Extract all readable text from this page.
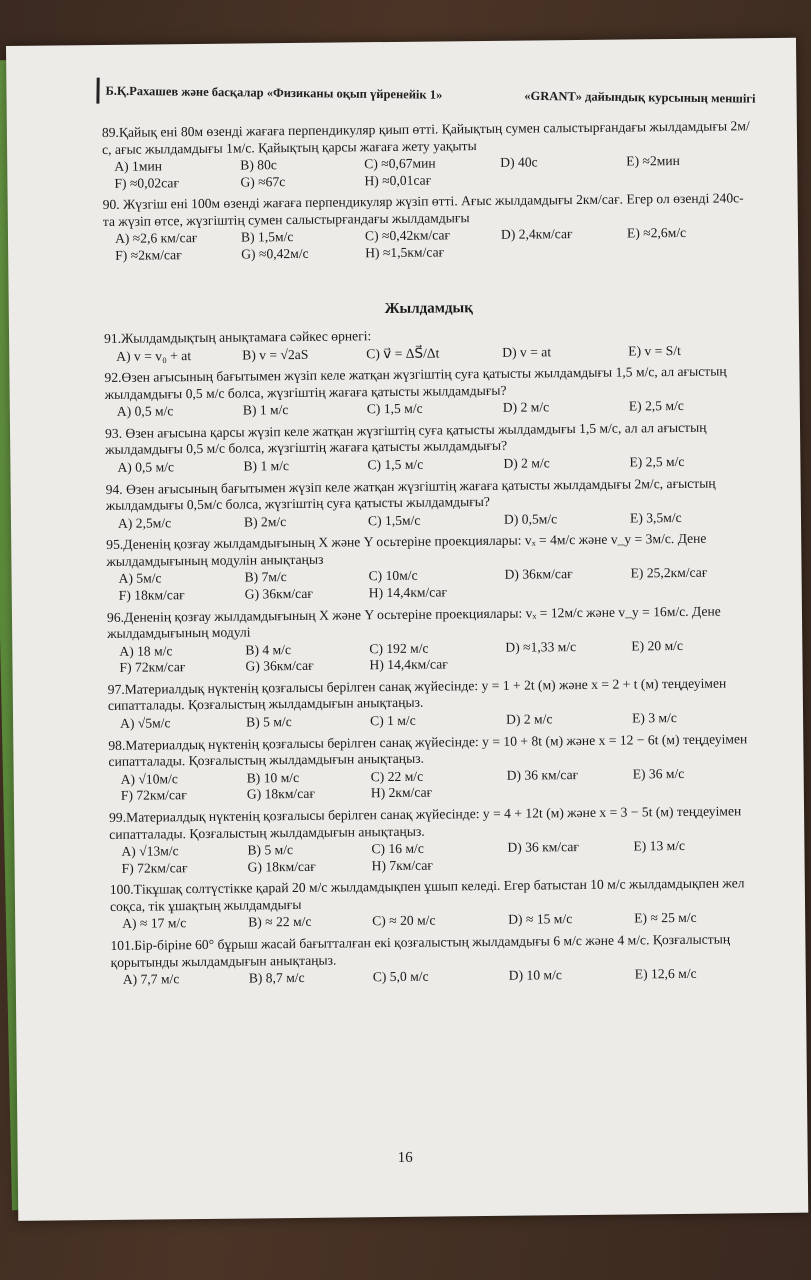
Б.Қ.Рахашев және басқалар «Физиканы оқып үйренейік 1»	«GRANT» дайындық курсының меншігі

89.Қайық ені 80м өзенді жағаға перпендикуляр қиып өтті. Қайықтың сумен салыстырғандағы жылдамдығы 2м/с, ағыс жылдамдығы 1м/с. Қайықтың қарсы жағаға жету уақыты

A) 1мин	B) 80с	C) ≈0,67мин	D) 40с	E) ≈2мин
F) ≈0,02сағ	G) ≈67с	H) ≈0,01сағ

90. Жүзгіш ені 100м өзенді жағаға перпендикуляр жүзіп өтті. Ағыс жылдамдығы 2км/сағ. Егер ол өзенді 240с-та жүзіп өтсе, жүзгіштің сумен салыстырғандағы жылдамдығы

A) ≈2,6 км/сағ	B) 1,5м/с	C) ≈0,42км/сағ	D) 2,4км/сағ	E) ≈2,6м/с
F) ≈2км/сағ	G) ≈0,42м/с	H) ≈1,5км/сағ
Жылдамдық

91.Жылдамдықтың анықтамаға сәйкес өрнегі:

A) v = v₀ + at	B) v = √2aS	C) v⃗ = ΔS⃗/Δt	D) v = at	E) v = S/t

92.Өзен ағысының бағытымен жүзіп келе жатқан жүзгіштің суға қатысты жылдамдығы 1,5 м/с, ал ағыстың жылдамдығы 0,5 м/с болса, жүзгіштің жағаға қатысты жылдамдығы?

A) 0,5 м/с	B) 1 м/с	C) 1,5 м/с	D) 2 м/с	E) 2,5 м/с

93. Өзен ағысына қарсы жүзіп келе жатқан жүзгіштің суға қатысты жылдамдығы 1,5 м/с, ал ал ағыстың жылдамдығы 0,5 м/с болса, жүзгіштің жағаға қатысты жылдамдығы?

A) 0,5 м/с	B) 1 м/с	C) 1,5 м/с	D) 2 м/с	E) 2,5 м/с

94. Өзен ағысының бағытымен жүзіп келе жатқан жүзгіштің жағаға қатысты жылдамдығы 2м/с, ағыстың жылдамдығы 0,5м/с болса, жүзгіштің суға қатысты жылдамдығы?

A) 2,5м/с	B) 2м/с	C) 1,5м/с	D) 0,5м/с	E) 3,5м/с

95.Дененің қозғау жылдамдығының X және Y осьтеріне проекциялары: vₓ = 4м/с және v_y = 3м/с. Дене жылдамдығының модулін анықтаңыз

A) 5м/с	B) 7м/с	C) 10м/с	D) 36км/сағ	E) 25,2км/сағ
F) 18км/сағ	G) 36км/сағ	H) 14,4км/сағ

96.Дененің қозғау жылдамдығының X және Y осьтеріне проекциялары: vₓ = 12м/с және v_y = 16м/с. Дене жылдамдығының модулі

A) 18 м/с	B) 4 м/с	C) 192 м/с	D) ≈1,33 м/с	E) 20 м/с
F) 72км/сағ	G) 36км/сағ	H) 14,4км/сағ

97.Материалдық нүктенің қозғалысы берілген санақ жүйесінде: y = 1 + 2t (м) және x = 2 + t (м) теңдеуімен сипатталады. Қозғалыстың жылдамдығын анықтаңыз.

A) √5м/с	B) 5 м/с	C) 1 м/с	D) 2 м/с	E) 3 м/с

98.Материалдық нүктенің қозғалысы берілген санақ жүйесінде: y = 10 + 8t (м) және x = 12 − 6t (м) теңдеуімен сипатталады. Қозғалыстың жылдамдығын анықтаңыз.

A) √10м/с	B) 10 м/с	C) 22 м/с	D) 36 км/сағ	E) 36 м/с
F) 72км/сағ	G) 18км/сағ	H) 2км/сағ

99.Материалдық нүктенің қозғалысы берілген санақ жүйесінде: y = 4 + 12t (м) және x = 3 − 5t (м) теңдеуімен сипатталады. Қозғалыстың жылдамдығын анықтаңыз.

A) √13м/с	B) 5 м/с	C) 16 м/с	D) 36 км/сағ	E) 13 м/с
F) 72км/сағ	G) 18км/сағ	H) 7км/сағ

100.Тікұшақ солтүстікке қарай 20 м/с жылдамдықпен ұшып келеді. Егер батыстан 10 м/с жылдамдықпен жел соқса, тік ұшақтың жылдамдығы

A) ≈ 17 м/с	B) ≈ 22 м/с	C) ≈ 20 м/с	D) ≈ 15 м/с	E) ≈ 25 м/с

101.Бір-біріне 60° бұрыш жасай бағытталған екі қозғалыстың жылдамдығы 6 м/с және 4 м/с. Қозғалыстың қорытынды жылдамдығын анықтаңыз.

A) 7,7 м/с	B) 8,7 м/с	C) 5,0 м/с	D) 10 м/с	E) 12,6 м/с
16
